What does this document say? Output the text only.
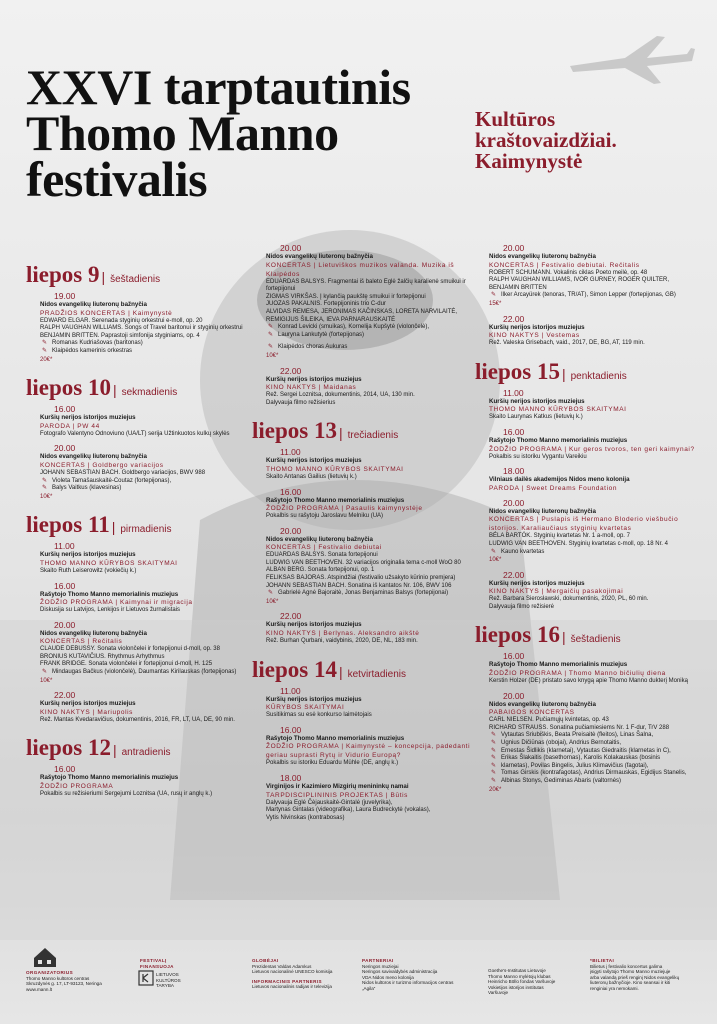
XXVI tarptautinis
Thomo Manno
festivalis
Kultūros
kraštovaizdžiai.
Kaimynystė
liepos 9 | šeštadienis
19.00
Nidos evangelikų liuteronų bažnyčia
PRADŽIOS KONCERTAS | Kaimynystė
EDWARD ELGAR. Serenada styginių orkestrui e-moll, op. 20
RALPH VAUGHAN WILLIAMS. Songs of Travel baritonui ir styginių orkestrui
BENJAMIN BRITTEN. Paprastoji simfonija styginiams, op. 4
✎ Romanas Kudriašovas (baritonas)
✎ Klaipėdos kamerinis orkestras
20€*
liepos 10 | sekmadienis
16.00
Kuršių nerijos istorijos muziejus
PARODA | PW 44
Fotografo Valentyno Odnoviuno (UA/LT) serija Užtinkuotos kulkų skylės
20.00
Nidos evangelikų liuteronų bažnyčia
KONCERTAS | Goldbergo variacijos
JOHANN SEBASTIAN BACH. Goldbergo variacijos, BWV 988
✎ Violeta Tamašauskaitė-Coutaz (fortepijonas),
✎ Balys Vaitkus (klavesinas)
10€*
liepos 11 | pirmadienis
11.00
Kuršių nerijos istorijos muziejus
THOMO MANNO KŪRYBOS SKAITYMAI
Skaito Ruth Leiserowitz (vokiečių k.)
16.00
Rašytojo Thomo Manno memorialinis muziejus
ŽODŽIO PROGRAMA | Kaimynai ir migracija
Diskusija su Latvijos, Lenkijos ir Lietuvos žurnalistais
20.00
Nidos evangelikų liuteronų bažnyčia
KONCERTAS | Rečitalis
CLAUDE DEBUSSY. Sonata violončelei ir fortepijonui d-moll, op. 38
BRONIUS KUTAVIČIUS. Rhythmus Arhythmus
FRANK BRIDGE. Sonata violončelei ir fortepijonui d-moll, H. 125
✎ Mindaugas Bačkus (violončelė), Daumantas Kirilauskas (fortepijonas)
10€*
22.00
Kuršių nerijos istorijos muziejus
KINO NAKTYS | Mariupolis
Rež. Mantas Kvedaravičius, dokumentinis, 2016, FR, LT, UA, DE, 90 min.
liepos 12 | antradienis
16.00
Rašytojo Thomo Manno memorialinis muziejus
ŽODŽIO PROGRAMA
Pokalbis su režisieriumi Sergejumi Loznitsa (UA, rusų ir anglų k.)
20.00
Nidos evangelikų liuteronų bažnyčia
KONCERTAS | Lietuviškos muzikos valanda. Muzika iš Klaipėdos
EDUARDAS BALSYS. Fragmentai iš baleto Eglė žalčių karalienė smuikui ir fortepijonui
ZIGMAS VIRKŠAS. Į kylančią paukštę smuikui ir fortepijonui
JUOZAS PAKALNIS. Fortepijoninis trio C-dur
ALVIDAS REMESA, JERONIMAS KAČINSKAS, LORETA NARVILAITĖ,
REMIGIJUS ŠILEIKA, IEVA PARNARAUSKAITĖ
✎ Konrad Levicki (smuikas), Kornelija Kupšytė (violončelė),
✎ Lauryna Lankutytė (fortepijonas)
✎ Klaipėdos choras Aukuras
10€*
22.00
Kuršių nerijos istorijos muziejus
KINO NAKTYS | Maidanas
Rež. Sergei Loznitsa, dokumentinis, 2014, UA, 130 min.
Dalyvauja filmo režisierius
liepos 13 | trečiadienis
11.00
Kuršių nerijos istorijos muziejus
THOMO MANNO KŪRYBOS SKAITYMAI
Skaito Antanas Gailius (lietuvių k.)
16.00
Rašytojo Thomo Manno memorialinis muziejus
ŽODŽIO PROGRAMA | Pasaulis kaimynystėje
Pokalbis su rašytoju Jaroslavu Melniku (UA)
20.00
Nidos evangelikų liuteronų bažnyčia
KONCERTAS | Festivalio debiutai
EDUARDAS BALSYS. Sonata fortepijonui
LUDWIG VAN BEETHOVEN. 32 variacijos originalia tema c-moll WoO 80
ALBAN BERG. Sonata fortepijonui, op. 1
FELIKSAS BAJORAS. Atspindžiai (festivalio užsakyto kūrinio premjera)
JOHANN SEBASTIAN BACH. Sonatina iš kantatos Nr. 106, BWV 106
✎ Gabrielė Agnė Bajoraitė, Jonas Benjaminas Balsys (fortepijonai)
10€*
22.00
Kuršių nerijos istorijos muziejus
KINO NAKTYS | Berlynas. Aleksandro aikštė
Rež. Burhan Qurbani, vaidybinis, 2020, DE, NL, 183 min.
liepos 14 | ketvirtadienis
11.00
Kuršių nerijos istorijos muziejus
KŪRYBOS SKAITYMAI
Susitikimas su esė konkurso laimėtojais
16.00
Rašytojo Thomo Manno memorialinis muziejus
ŽODŽIO PROGRAMA | Kaimynystė – koncepcija, padedanti geriau suprasti Rytų ir Vidurio Europą?
Pokalbis su istoriku Eduardu Mühle (DE, anglų k.)
18.00
Virginijos ir Kazimiero Mizgirių menininkų namai
TARPDISCIPLININIS PROJEKTAS | Būtis
Dalyvauja Eglė Čėjauskaitė-Gintalė (juvelyrika),
Martynas Gintalas (videografika), Laura Budreckytė (vokalas),
Vytis Nivinskas (kontrabosas)
20.00
Nidos evangelikų liuteronų bažnyčia
KONCERTAS | Festivalio debiutai. Rečitalis
ROBERT SCHUMANN. Vokalinis ciklas Poeto meilė, op. 48
RALPH VAUGHAN WILLIAMS, IVOR GURNEY, ROGER QUILTER,
BENJAMIN BRITTEN
✎ Ilker Arcayürek (tenoras, TR/AT), Simon Lepper (fortepijonas, GB)
15€*
22.00
Kuršių nerijos istorijos muziejus
KINO NAKTYS | Vestemas
Rež. Valeska Grisebach, vaid., 2017, DE, BG, AT, 119 min.
liepos 15 | penktadienis
11.00
Kuršių nerijos istorijos muziejus
THOMO MANNO KŪRYBOS SKAITYMAI
Skaito Laurynas Katkus (lietuvių k.)
16.00
Rašytojo Thomo Manno memorialinis muziejus
ŽODŽIO PROGRAMA | Kur geros tvoros, ten geri kaimynai?
Pokalbis su istoriku Vygantu Vareikiu
18.00
Vilniaus dailės akademijos Nidos meno kolonija
PARODA | Sweet Dreams Foundation
20.00
Nidos evangelikų liuteronų bažnyčia
KONCERTAS | Puslapis iš Hermano Bloderio viešbučio istorijos. Karaliaučiaus styginių kvartetas
BÉLA BARTÓK. Styginių kvartetas Nr. 1 a-moll, op. 7
LUDWIG VAN BEETHOVEN. Styginių kvartetas c-moll, op. 18 Nr. 4
✎ Kauno kvartetas
10€*
22.00
Kuršių nerijos istorijos muziejus
KINO NAKTYS | Mergaičių pasakojimai
Rež. Barbara Sierosławski, dokumentinis, 2020, PL, 60 min.
Dalyvauja filmo režisierė
liepos 16 | šeštadienis
16.00
Rašytojo Thomo Manno memorialinis muziejus
ŽODŽIO PROGRAMA | Thomo Manno bičiulių diena
Kerstin Holzer (DE) pristato savo knygą apie Thomo Manno dukterį Moniką
20.00
Nidos evangelikų liuteronų bažnyčia
PABAIGOS KONCERTAS
CARL NIELSEN. Pučiamųjų kvintetas, op. 43
RICHARD STRAUSS. Sonatina pučiamiesiems Nr. 1 F-dur, TrV 288
✎ Vytautas Sriubiškis, Beata Preisaitė (fleitos), Linas Šalna,
✎ Ugnius Dičiūnas (obojai), Andrius Bernotaitis,
✎ Ernestas Šidlikis (klarnetai), Vytautas Giedraitis (klarnetas in C),
✎ Erikas Šlakaitis (basethornas), Karolis Kolakauskas (bosinis
✎ klarnetas), Povilas Bingelis, Julius Klimavičius (fagotai),
✎ Tomas Girskis (kontrafagotas), Andrius Dirmauskas, Egidijus Stanelis,
✎ Albinas Stonys, Gediminas Abaris (valtornės)
20€*
ORGANIZATORIUS
Thomo Manno kultūros centras
Skruzdynės g. 17, LT-93123, Neringa
www.mann.lt
FESTIVALĮ
FINANSUOJA
LIETUVOS
KULTŪROS
TARYBA
GLOBĖJAI
Prezidentas Valdas Adamkus
Lietuvos nacionalinė UNESCO komisija
INFORMACINIS PARTNERIS
Lietuvos nacionalinis radijas ir televizija
PARTNERIAI
Neringos muziejai
Neringos savivaldybės administracija
VDA Nidos meno kolonija
Nidos kultūros ir turizmo informacijos centras
„Agila“
Goethe's-Institutas Lietuvoje
Thomo Manno mylėtojų klubas
Heinricho Böllo fondas Varšuvoje
Vokietijos istorijos institutas
Varšuvoje
*BILIETAI
Bilietus į festivalio koncertus galima
įsigyti rašytojo Thomo Manno muziejuje
arba valandą prieš renginį Nidos evangelikų
liuteronų bažnyčioje. Kino seansai ir kiti
renginiai yra nemokami.
